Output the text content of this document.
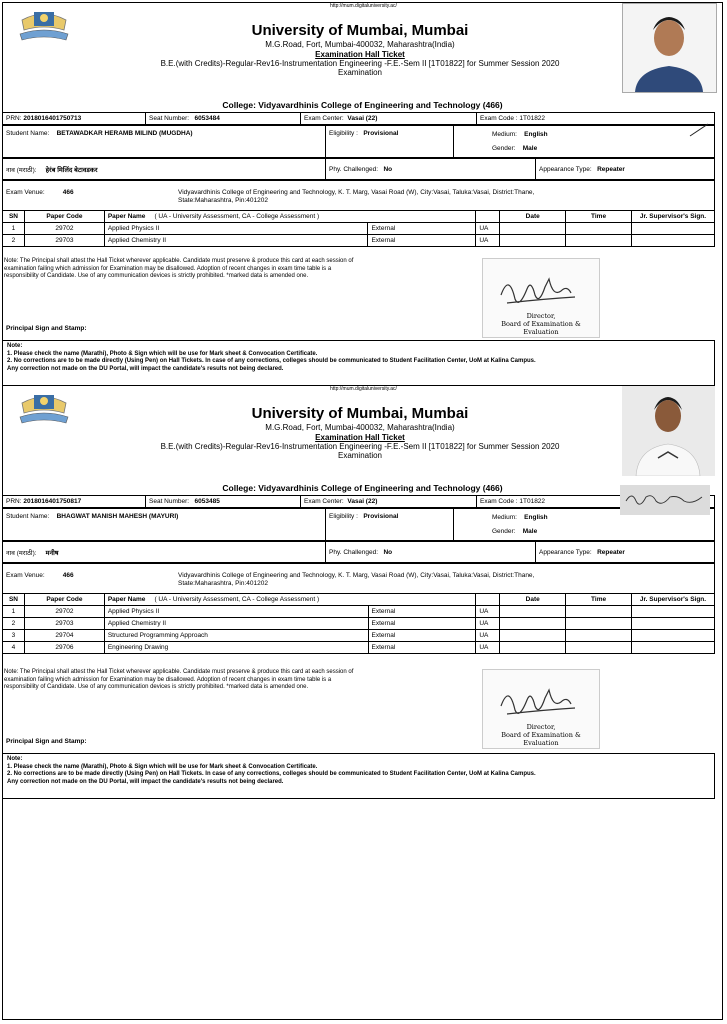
http://mum.digitaluniversity.ac/
University of Mumbai, Mumbai
M.G.Road, Fort, Mumbai-400032, Maharashtra(India)
Examination Hall Ticket
B.E.(with Credits)-Regular-Rev16-Instrumentation Engineering -F.E.-Sem II [1T01822] for Summer Session 2020
Examination
College: Vidyavardhinis College of Engineering and Technology (466)
PRN:
2018016401750713	Seat Number:
6053484	Exam Center:
Vasai (22)	Exam Code : 1T01822
Student Name:
BETAWADKAR HERAMB MILIND (MUGDHA)	Eligibility :
Provisional	Medium: English
Gender: Male
नाव (मराठी):
हेरंब मिलिंद बेटावडकर	Phy. Challenged:
No	Appearance Type:
Repeater
Exam Venue:
	466	Vidyavardhinis College of Engineering and Technology, K. T. Marg, Vasai Road (W), City:Vasai, Taluka:Vasai, District:Thane,
State:Maharashtra, Pin:401202
SN	Paper Code	Paper Name ( UA - University Assessment, CA - College Assessment )			Date	Time	Jr. Supervisor's Sign.
1	29702	Applied Physics II	External	UA			
2	29703	Applied Chemistry II	External	UA			
Note: The Principal shall attest the Hall Ticket wherever applicable. Candidate must preserve & produce this card at each session of examination failing which admission for Examination may be disallowed. Adoption of recent changes in exam time table is a responsibility of Candidate. Use of any communication devices is strictly prohibited. *marked data is amended one.
Principal Sign and Stamp:
Director,
Board of Examination & Evaluation
Note:
1. Please check the name (Marathi), Photo & Sign which will be use for Mark sheet & Convocation Certificate.
2. No corrections are to be made directly (Using Pen) on Hall Tickets. In case of any corrections, colleges should be communicated to Student Facilitation Center, UoM at Kalina Campus.
Any correction not made on the DU Portal, will impact the candidate's results not being declared.
http://mum.digitaluniversity.ac/
University of Mumbai, Mumbai
M.G.Road, Fort, Mumbai-400032, Maharashtra(India)
Examination Hall Ticket
B.E.(with Credits)-Regular-Rev16-Instrumentation Engineering -F.E.-Sem II [1T01822] for Summer Session 2020
Examination
College: Vidyavardhinis College of Engineering and Technology (466)
PRN:
2018016401750817	Seat Number:
6053485	Exam Center:
Vasai (22)	Exam Code : 1T01822
Student Name:
BHAGWAT MANISH MAHESH (MAYURI)	Eligibility :
Provisional	Medium: English
Gender: Male
नाव (मराठी):
मनीष	Phy. Challenged:
No	Appearance Type:
Repeater
Exam Venue:
	466	Vidyavardhinis College of Engineering and Technology, K. T. Marg, Vasai Road (W), City:Vasai, Taluka:Vasai, District:Thane,
State:Maharashtra, Pin:401202
SN	Paper Code	Paper Name ( UA - University Assessment, CA - College Assessment )			Date	Time	Jr. Supervisor's Sign.
1	29702	Applied Physics II	External	UA			
2	29703	Applied Chemistry II	External	UA			
3	29704	Structured Programming Approach	External	UA			
4	29706	Engineering Drawing	External	UA			
Note: The Principal shall attest the Hall Ticket wherever applicable. Candidate must preserve & produce this card at each session of examination failing which admission for Examination may be disallowed. Adoption of recent changes in exam time table is a responsibility of Candidate. Use of any communication devices is strictly prohibited. *marked data is amended one.
Principal Sign and Stamp:
Director,
Board of Examination & Evaluation
Note:
1. Please check the name (Marathi), Photo & Sign which will be use for Mark sheet & Convocation Certificate.
2. No corrections are to be made directly (Using Pen) on Hall Tickets. In case of any corrections, colleges should be communicated to Student Facilitation Center, UoM at Kalina Campus.
Any correction not made on the DU Portal, will impact the candidate's results not being declared.
